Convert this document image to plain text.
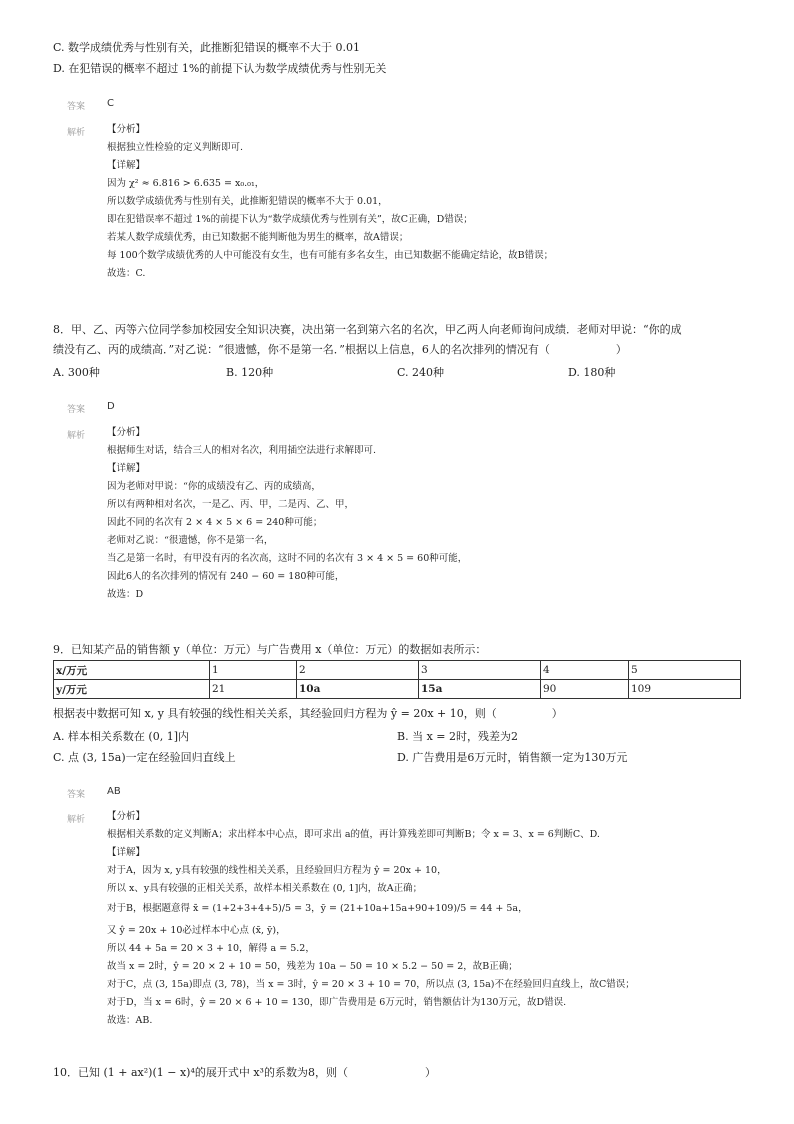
C. 数学成绩优秀与性别有关，此推断犯错误的概率不大于 0.01
D. 在犯错误的概率不超过 1%的前提下认为数学成绩优秀与性别无关
答案 C
解析 【分析】
根据独立性检验的定义判断即可.
【详解】
因为 χ² ≈ 6.816 > 6.635 = x₀.₀₁，
所以数学成绩优秀与性别有关，此推断犯错误的概率不大于 0.01，
即在犯错误率不超过 1%的前提下认为“数学成绩优秀与性别有关”，故C正确，D错误；
若某人数学成绩优秀，由已知数据不能判断他为男生的概率，故A错误；
每 100个数学成绩优秀的人中可能没有女生，也有可能有多名女生，由已知数据不能确定结论，故B错误；
故选：C.
8．甲、乙、丙等六位同学参加校园安全知识决赛，决出第一名到第六名的名次，甲乙两人向老师询问成绩．老师对甲说：“你的成
绩没有乙、丙的成绩高．”对乙说：“很遗憾，你不是第一名．”根据以上信息，6人的名次排列的情况有（　　　　　　）
A. 300种	B. 120种	C. 240种	D. 180种
答案 D
解析 【分析】
根据师生对话，结合三人的相对名次，利用插空法进行求解即可.
【详解】
因为老师对甲说：“你的成绩没有乙、丙的成绩高，
所以有两种相对名次，一是乙、丙、甲，二是丙、乙、甲，
因此不同的名次有 2 × 4 × 5 × 6 = 240种可能；
老师对乙说：“很遗憾，你不是第一名，
当乙是第一名时，有甲没有丙的名次高，这时不同的名次有 3 × 4 × 5 = 60种可能，
因此6人的名次排列的情况有 240 − 60 = 180种可能，
故选：D
9．已知某产品的销售额 y（单位：万元）与广告费用 x（单位：万元）的数据如表所示：
x/万元	1	2	3	4	5
y/万元	21	10a	15a	90	109
根据表中数据可知 x, y 具有较强的线性相关关系，其经验回归方程为 ŷ = 20x + 10，则（　　　　　）
A. 样本相关系数在 (0, 1]内	B. 当 x = 2时，残差为2
C. 点 (3, 15a)一定在经验回归直线上	D. 广告费用是6万元时，销售额一定为130万元
答案 AB
解析 【分析】
根据相关系数的定义判断A；求出样本中心点，即可求出 a的值，再计算残差即可判断B；令 x = 3、x = 6判断C、D.
【详解】
对于A，因为 x, y具有较强的线性相关关系，且经验回归方程为 ŷ = 20x + 10，
所以 x、y具有较强的正相关关系，故样本相关系数在 (0, 1]内，故A正确；
对于B，根据题意得 x̄ = (1+2+3+4+5)/5 = 3，ȳ = (21+10a+15a+90+109)/5 = 44 + 5a，
又 ŷ = 20x + 10必过样本中心点 (x̄, ȳ)，
所以 44 + 5a = 20 × 3 + 10，解得 a = 5.2，
故当 x = 2时，ŷ = 20 × 2 + 10 = 50，残差为 10a − 50 = 10 × 5.2 − 50 = 2，故B正确；
对于C，点 (3, 15a)即点 (3, 78)，当 x = 3时，ŷ = 20 × 3 + 10 = 70，所以点 (3, 15a)不在经验回归直线上，故C错误；
对于D，当 x = 6时，ŷ = 20 × 6 + 10 = 130，即广告费用是 6万元时，销售额估计为130万元，故D错误.
故选：AB.
10．已知 (1 + ax²)(1 − x)⁴的展开式中 x³的系数为8，则（　　　　　　　）
